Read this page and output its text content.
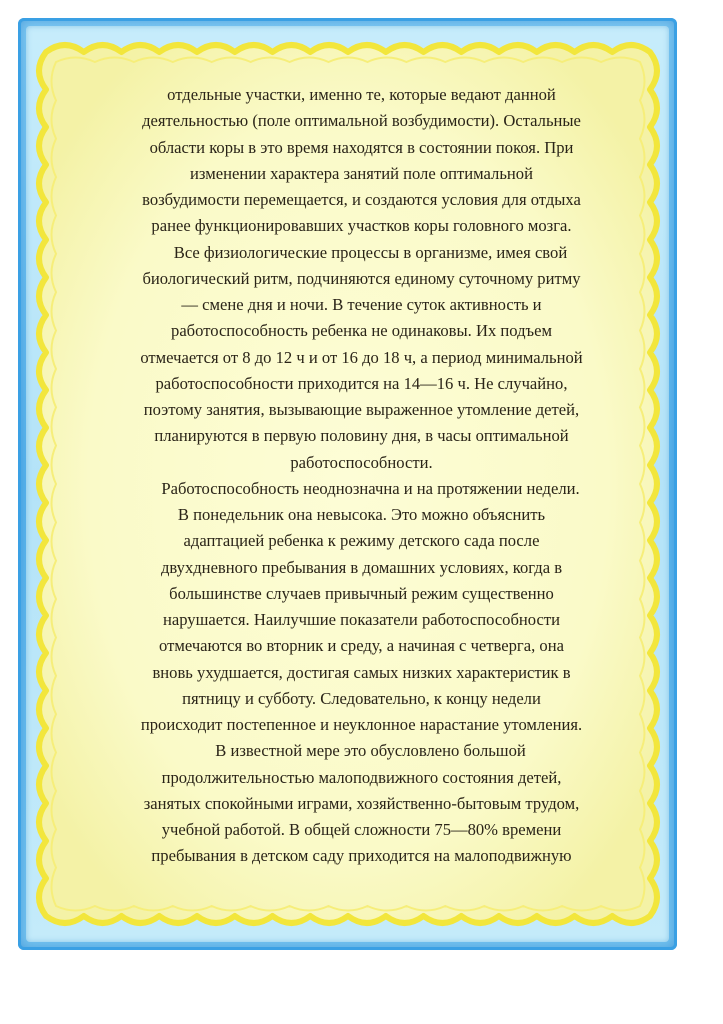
отдельные участки, именно те, которые ведают данной

деятельностью (поле оптимальной возбудимости). Остальные

области коры в это время находятся в состоянии покоя. При

изменении характера занятий поле оптимальной

возбудимости перемещается, и создаются условия для отдыха

ранее функционировавших участков коры головного мозга.

Все физиологические процессы в организме, имея свой

биологический ритм, подчиняются единому суточному ритму

— смене дня и ночи. В течение суток активность и

работоспособность ребенка не одинаковы. Их подъем

отмечается от 8 до 12 ч и от 16 до 18 ч, а период минимальной

работоспособности приходится на 14—16 ч. Не случайно,

поэтому занятия, вызывающие выраженное утомление детей,

планируются в первую половину дня, в часы оптимальной

работоспособности.

Работоспособность неоднозначна и на протяжении недели.

В понедельник она невысока. Это можно объяснить

адаптацией ребенка к режиму детского сада после

двухдневного пребывания в домашних условиях, когда в

большинстве случаев привычный режим существенно

нарушается. Наилучшие показатели работоспособности

отмечаются во вторник и среду, а начиная с четверга, она

вновь ухудшается, достигая самых низких характеристик в

пятницу и субботу. Следовательно, к концу недели

происходит постепенное и неуклонное нарастание утомления.

В известной мере это обусловлено большой

продолжительностью малоподвижного состояния детей,

занятых спокойными играми, хозяйственно-бытовым трудом,

учебной работой. В общей сложности 75—80% времени

пребывания в детском саду приходится на малоподвижную
